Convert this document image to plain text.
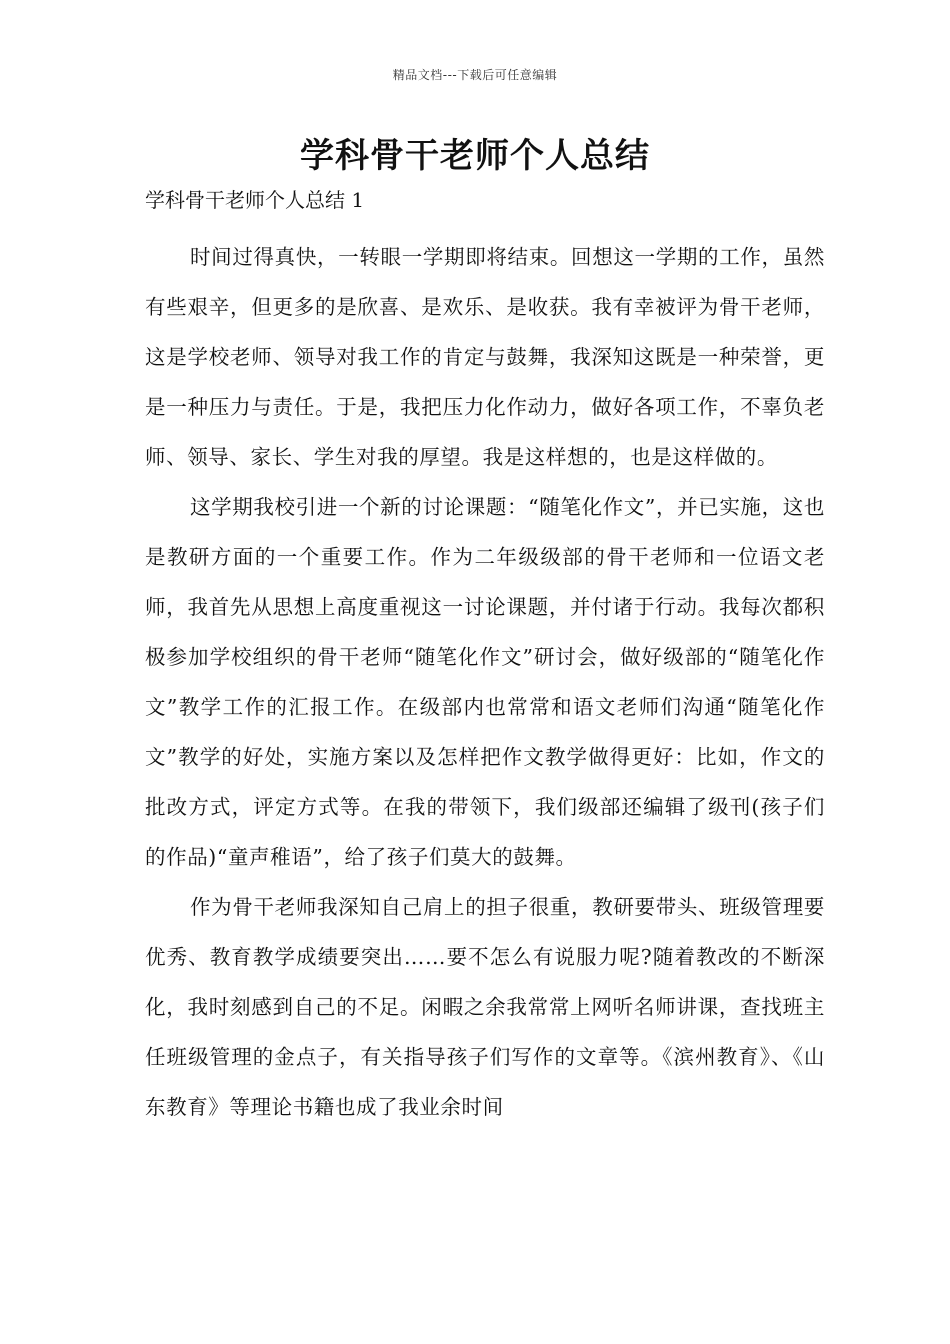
精品文档---下载后可任意编辑
学科骨干老师个人总结
学科骨干老师个人总结 1

时间过得真快，一转眼一学期即将结束。回想这一学期的工作，虽然有些艰辛，但更多的是欣喜、是欢乐、是收获。我有幸被评为骨干老师，这是学校老师、领导对我工作的肯定与鼓舞，我深知这既是一种荣誉，更是一种压力与责任。于是，我把压力化作动力，做好各项工作，不辜负老师、领导、家长、学生对我的厚望。我是这样想的，也是这样做的。

这学期我校引进一个新的讨论课题：“随笔化作文”，并已实施，这也是教研方面的一个重要工作。作为二年级级部的骨干老师和一位语文老师，我首先从思想上高度重视这一讨论课题，并付诸于行动。我每次都积极参加学校组织的骨干老师“随笔化作文”研讨会，做好级部的“随笔化作文”教学工作的汇报工作。在级部内也常常和语文老师们沟通“随笔化作文”教学的好处，实施方案以及怎样把作文教学做得更好：比如，作文的批改方式，评定方式等。在我的带领下，我们级部还编辑了级刊(孩子们的作品)“童声稚语”，给了孩子们莫大的鼓舞。

作为骨干老师我深知自己肩上的担子很重，教研要带头、班级管理要优秀、教育教学成绩要突出……要不怎么有说服力呢?随着教改的不断深化，我时刻感到自己的不足。闲暇之余我常常上网听名师讲课，查找班主任班级管理的金点子，有关指导孩子们写作的文章等。《滨州教育》、《山东教育》等理论书籍也成了我业余时间
